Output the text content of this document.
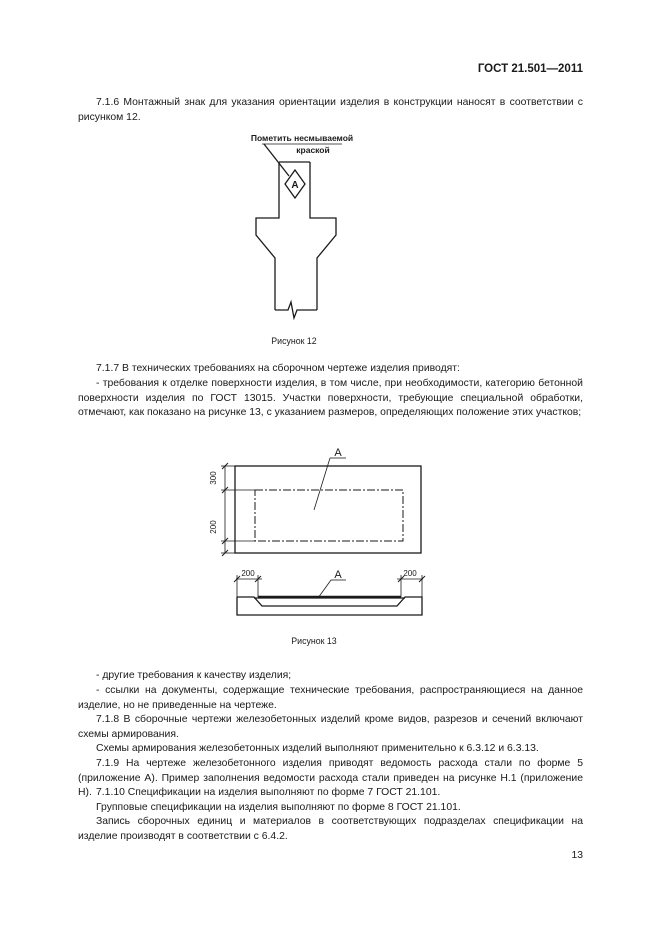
ГОСТ 21.501—2011

7.1.6 Монтажный знак для указания ориентации изделия в конструкции наносят в соответствии с рисунком 12.

Пометить несмываемой
краской
А
Рисунок 12

7.1.7 В технических требованиях на сборочном чертеже изделия приводят:

- требования к отделке поверхности изделия, в том числе, при необходимости, категорию бетонной поверхности изделия по ГОСТ 13015. Участки поверхности, требующие специальной обработки, отмечают, как показано на рисунке 13, с указанием размеров, определяющих положение этих участков;

А
А
300
200
200	200
Рисунок 13

- другие требования к качеству изделия;

- ссылки на документы, содержащие технические требования, распространяющиеся на данное изделие, но не приведенные на чертеже.

7.1.8 В сборочные чертежи железобетонных изделий кроме видов, разрезов и сечений включают схемы армирования.

Схемы армирования железобетонных изделий выполняют применительно к 6.3.12 и 6.3.13.

7.1.9 На чертеже железобетонного изделия приводят ведомость расхода стали по форме 5 (приложение А). Пример заполнения ведомости расхода стали приведен на рисунке Н.1 (приложение Н). 7.1.10 Спецификации на изделия выполняют по форме 7 ГОСТ 21.101.

Групповые спецификации на изделия выполняют по форме 8 ГОСТ 21.101.

Запись сборочных единиц и материалов в соответствующих подразделах спецификации на изделие производят в соответствии с 6.4.2.

13
